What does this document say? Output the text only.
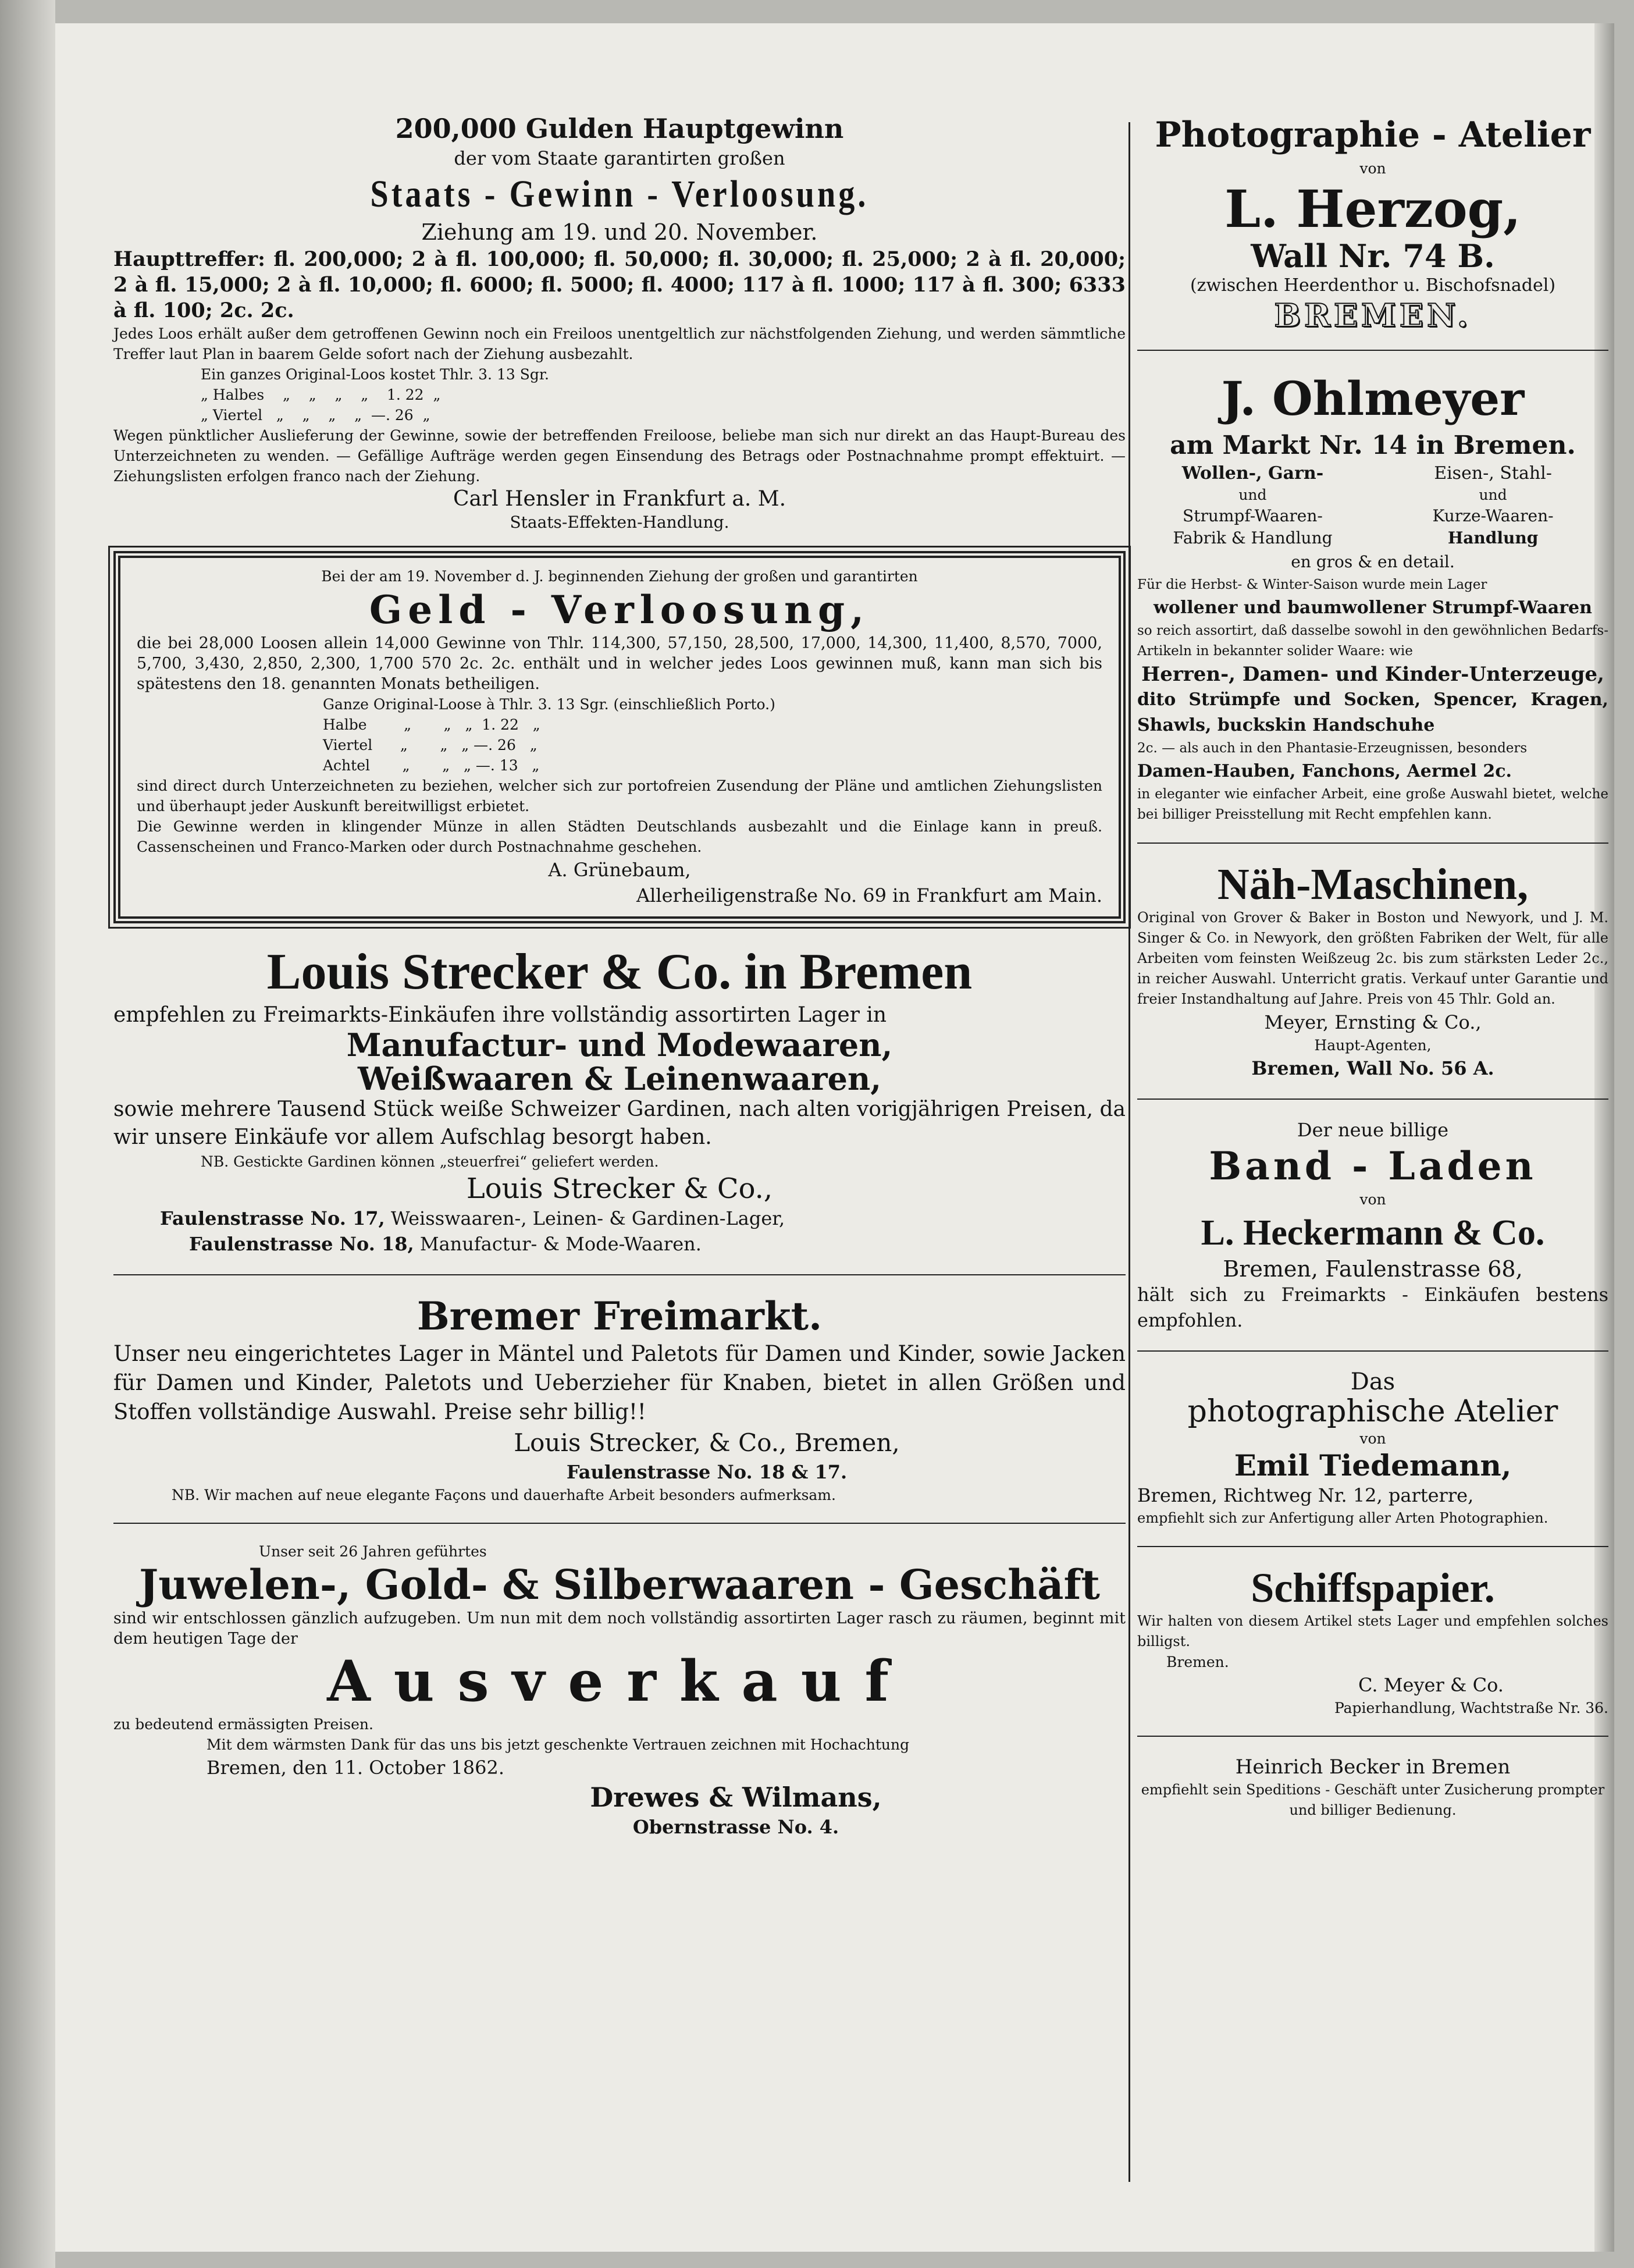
200,000 Gulden Hauptgewinn
der vom Staate garantirten großen
Staats - Gewinn - Verloosung.
Ziehung am 19. und 20. November.
Haupttreffer: fl. 200,000; 2 à fl. 100,000; fl. 50,000; fl. 30,000; fl. 25,000; 2 à fl. 20,000; 2 à fl. 15,000; 2 à fl. 10,000; fl. 6000; fl. 5000; fl. 4000; 117 à fl. 1000; 117 à fl. 300; 6333 à fl. 100; 2c. 2c.
Jedes Loos erhält außer dem getroffenen Gewinn noch ein Freiloos unentgeltlich zur nächstfolgenden Ziehung, und werden sämmtliche Treffer laut Plan in baarem Gelde sofort nach der Ziehung ausbezahlt.
Ein ganzes Original-Loos kostet Thlr. 3. 13 Sgr.
„ Halbes    „    „    „    „    1. 22  „
„ Viertel   „    „    „    „  —. 26  „
Wegen pünktlicher Auslieferung der Gewinne, sowie der betreffenden Freiloose, beliebe man sich nur direkt an das Haupt-Bureau des Unterzeichneten zu wenden. — Gefällige Aufträge werden gegen Einsendung des Betrags oder Postnachnahme prompt effektuirt. — Ziehungslisten erfolgen franco nach der Ziehung.
Carl Hensler in Frankfurt a. M.
Staats-Effekten-Handlung.
Bei der am 19. November d. J. beginnenden Ziehung der großen und garantirten
Geld - Verloosung,
die bei 28,000 Loosen allein 14,000 Gewinne von Thlr. 114,300, 57,150, 28,500, 17,000, 14,300, 11,400, 8,570, 7000, 5,700, 3,430, 2,850, 2,300, 1,700 570 2c. 2c. enthält und in welcher jedes Loos gewinnen muß, kann man sich bis spätestens den 18. genannten Monats betheiligen.
Ganze Original-Loose à Thlr. 3. 13 Sgr. (einschließlich Porto.)
Halbe        „       „   „  1. 22   „
Viertel      „       „   „ —. 26   „
Achtel       „       „   „ —. 13   „
sind direct durch Unterzeichneten zu beziehen, welcher sich zur portofreien Zusendung der Pläne und amtlichen Ziehungslisten und überhaupt jeder Auskunft bereitwilligst erbietet.
Die Gewinne werden in klingender Münze in allen Städten Deutschlands ausbezahlt und die Einlage kann in preuß. Cassenscheinen und Franco-Marken oder durch Postnachnahme geschehen.
A. Grünebaum,
Allerheiligenstraße No. 69 in Frankfurt am Main.
Louis Strecker & Co. in Bremen
empfehlen zu Freimarkts-Einkäufen ihre vollständig assortirten Lager in
Manufactur- und Modewaaren,
Weißwaaren & Leinenwaaren,
sowie mehrere Tausend Stück weiße Schweizer Gardinen, nach alten vorigjährigen Preisen, da wir unsere Einkäufe vor allem Aufschlag besorgt haben.
NB. Gestickte Gardinen können „steuerfrei“ geliefert werden.
Louis Strecker & Co.,
Faulenstrasse No. 17, Weisswaaren-, Leinen- & Gardinen-Lager,
Faulenstrasse No. 18, Manufactur- & Mode-Waaren.
Bremer Freimarkt.
Unser neu eingerichtetes Lager in Mäntel und Paletots für Damen und Kinder, sowie Jacken für Damen und Kinder, Paletots und Ueberzieher für Knaben, bietet in allen Größen und Stoffen vollständige Auswahl. Preise sehr billig!!
Louis Strecker, & Co., Bremen,
Faulenstrasse No. 18 & 17.
NB. Wir machen auf neue elegante Façons und dauerhafte Arbeit besonders aufmerksam.
Unser seit 26 Jahren geführtes
Juwelen-, Gold- & Silberwaaren - Geschäft
sind wir entschlossen gänzlich aufzugeben. Um nun mit dem noch vollständig assortirten Lager rasch zu räumen, beginnt mit dem heutigen Tage der
Ausverkauf
zu bedeutend ermässigten Preisen.
Mit dem wärmsten Dank für das uns bis jetzt geschenkte Vertrauen zeichnen mit Hochachtung
Bremen, den 11. October 1862.
Drewes & Wilmans,
Obernstrasse No. 4.
Photographie - Atelier
von
L. Herzog,
Wall Nr. 74 B.
(zwischen Heerdenthor u. Bischofsnadel)
BREMEN.
J. Ohlmeyer
am Markt Nr. 14 in Bremen.
Wollen-, Garn-	Eisen-, Stahl-
und	und
Strumpf-Waaren-	Kurze-Waaren-
Fabrik & Handlung	Handlung
en gros & en detail.
Für die Herbst- & Winter-Saison wurde mein Lager
wollener und baumwollener Strumpf-Waaren
so reich assortirt, daß dasselbe sowohl in den gewöhnlichen Bedarfs-Artikeln in bekannter solider Waare: wie
Herren-, Damen- und Kinder-Unterzeuge,
dito Strümpfe und Socken, Spencer, Kragen, Shawls, buckskin Handschuhe
2c. — als auch in den Phantasie-Erzeugnissen, besonders
Damen-Hauben, Fanchons, Aermel 2c.
in eleganter wie einfacher Arbeit, eine große Auswahl bietet, welche bei billiger Preisstellung mit Recht empfehlen kann.
Näh-Maschinen,
Original von Grover & Baker in Boston und Newyork, und J. M. Singer & Co. in Newyork, den größten Fabriken der Welt, für alle Arbeiten vom feinsten Weißzeug 2c. bis zum stärksten Leder 2c., in reicher Auswahl. Unterricht gratis. Verkauf unter Garantie und freier Instandhaltung auf Jahre. Preis von 45 Thlr. Gold an.
Meyer, Ernsting & Co.,
Haupt-Agenten,
Bremen, Wall No. 56 A.
Der neue billige
Band - Laden
von
L. Heckermann & Co.
Bremen, Faulenstrasse 68,
hält sich zu Freimarkts - Einkäufen bestens empfohlen.
Das
photographische Atelier
von
Emil Tiedemann,
Bremen, Richtweg Nr. 12, parterre,
empfiehlt sich zur Anfertigung aller Arten Photographien.
Schiffspapier.
Wir halten von diesem Artikel stets Lager und empfehlen solches billigst.
Bremen.
C. Meyer & Co.
Papierhandlung, Wachtstraße Nr. 36.
Heinrich Becker in Bremen
empfiehlt sein Speditions - Geschäft unter Zusicherung prompter und billiger Bedienung.
